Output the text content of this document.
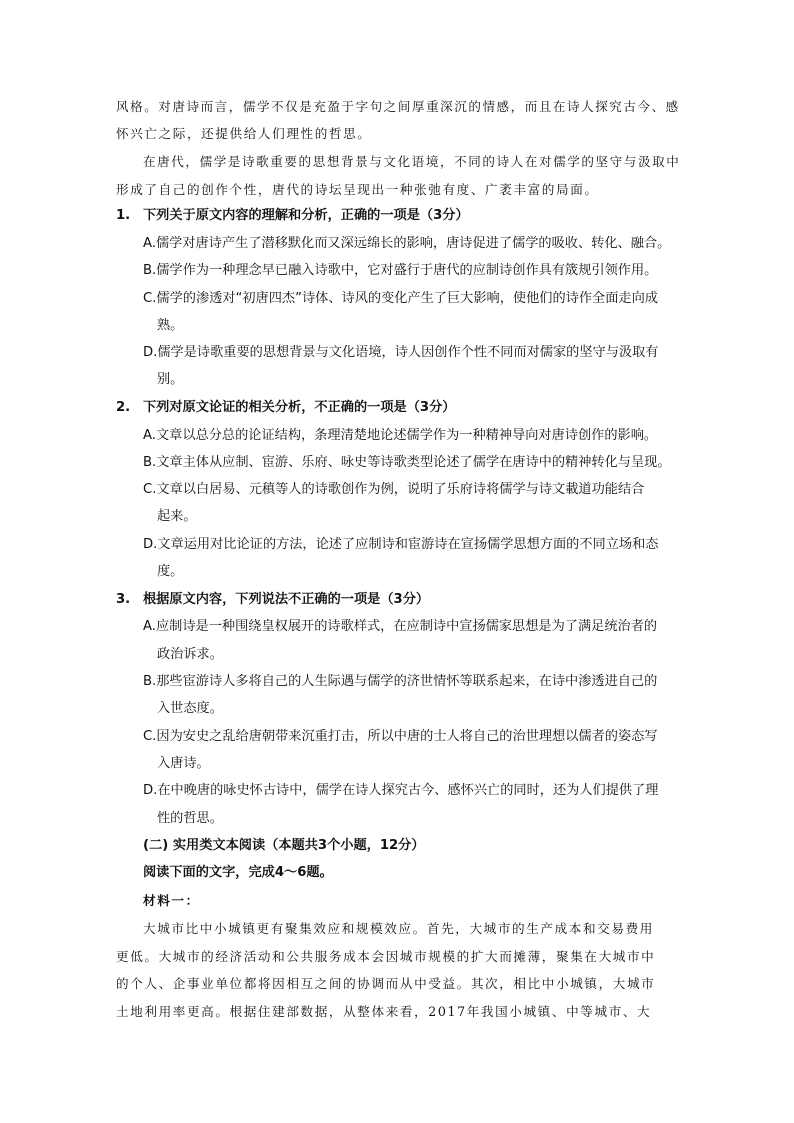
风格。对唐诗而言，儒学不仅是充盈于字句之间厚重深沉的情感，而且在诗人探究古今、感
怀兴亡之际，还提供给人们理性的哲思。
在唐代，儒学是诗歌重要的思想背景与文化语境，不同的诗人在对儒学的坚守与汲取中
形成了自己的创作个性，唐代的诗坛呈现出一种张弛有度、广袤丰富的局面。
1. 下列关于原文内容的理解和分析，正确的一项是（3分）
A.儒学对唐诗产生了潜移默化而又深远绵长的影响，唐诗促进了儒学的吸收、转化、融合。
B.儒学作为一种理念早已融入诗歌中，它对盛行于唐代的应制诗创作具有筬规引领作用。
C.儒学的渗透对“初唐四杰”诗体、诗风的变化产生了巨大影响，使他们的诗作全面走向成
熟。
D.儒学是诗歌重要的思想背景与文化语境，诗人因创作个性不同而对儒家的坚守与汲取有
别。
2. 下列对原文论证的相关分析，不正确的一项是（3分）
A.文章以总分总的论证结构，条理清楚地论述儒学作为一种精神导向对唐诗创作的影响。
B.文章主体从应制、宦游、乐府、咏史等诗歌类型论述了儒学在唐诗中的精神转化与呈现。
C.文章以白居易、元稹等人的诗歌创作为例，说明了乐府诗将儒学与诗文載道功能结合
起来。
D.文章运用对比论证的方法，论述了应制诗和宦游诗在宣扬儒学思想方面的不同立场和态
度。
3. 根据原文内容，下列说法不正确的一项是（3分）
A.应制诗是一种围绕皇权展开的诗歌样式，在应制诗中宣扬儒家思想是为了满足统治者的
政治诉求。
B.那些宦游诗人多将自己的人生际遇与儒学的济世情怀等联系起来，在诗中渗透进自己的
入世态度。
C.因为安史之乱给唐朝带来沉重打击，所以中唐的士人将自己的治世理想以儒者的姿态写
入唐诗。
D.在中晚唐的咏史怀古诗中，儒学在诗人探究古今、感怀兴亡的同时，还为人们提供了理
性的哲思。
(二) 实用类文本阅读（本题共3个小题，12分）
阅读下面的文字，完成4～6题。
材料一：
大城市比中小城镇更有聚集效应和规模效应。首先，大城市的生产成本和交易费用
更低。大城市的经济活动和公共服务成本会因城市规模的扩大而摊薄，聚集在大城市中
的个人、企事业单位都将因相互之间的协调而从中受益。其次，相比中小城镇，大城市
土地利用率更高。根据住建部数据，从整体来看，2017年我国小城镇、中等城市、大
